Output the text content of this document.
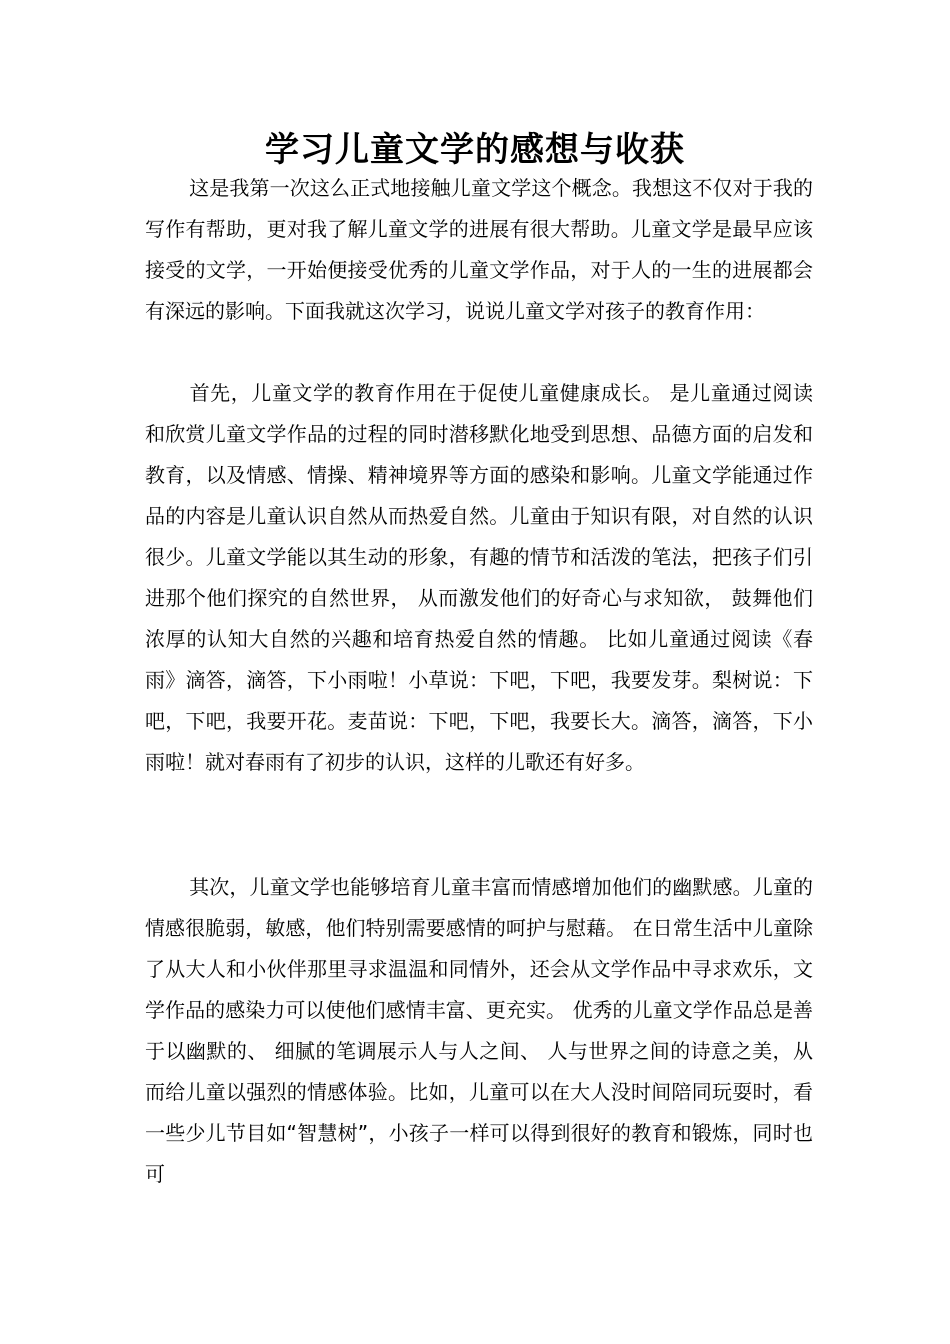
学习儿童文学的感想与收获

这是我第一次这么正式地接触儿童文学这个概念。我想这不仅对于我的写作有帮助，更对我了解儿童文学的进展有很大帮助。儿童文学是最早应该接受的文学，一开始便接受优秀的儿童文学作品，对于人的一生的进展都会有深远的影响。下面我就这次学习，说说儿童文学对孩子的教育作用：

首先，儿童文学的教育作用在于促使儿童健康成长。 是儿童通过阅读和欣赏儿童文学作品的过程的同时潜移默化地受到思想、品德方面的启发和教育，以及情感、情操、精神境界等方面的感染和影响。儿童文学能通过作品的内容是儿童认识自然从而热爱自然。儿童由于知识有限，对自然的认识很少。儿童文学能以其生动的形象，有趣的情节和活泼的笔法，把孩子们引进那个他们探究的自然世界， 从而激发他们的好奇心与求知欲， 鼓舞他们浓厚的认知大自然的兴趣和培育热爱自然的情趣。 比如儿童通过阅读《春雨》滴答，滴答，下小雨啦！小草说：下吧，下吧，我要发芽。梨树说：下吧，下吧，我要开花。麦苗说：下吧，下吧，我要长大。滴答，滴答，下小雨啦！就对春雨有了初步的认识，这样的儿歌还有好多。

其次，儿童文学也能够培育儿童丰富而情感增加他们的幽默感。儿童的情感很脆弱，敏感，他们特别需要感情的呵护与慰藉。 在日常生活中儿童除了从大人和小伙伴那里寻求温温和同情外，还会从文学作品中寻求欢乐，文学作品的感染力可以使他们感情丰富、更充实。 优秀的儿童文学作品总是善于以幽默的、 细腻的笔调展示人与人之间、 人与世界之间的诗意之美，从而给儿童以强烈的情感体验。比如，儿童可以在大人没时间陪同玩耍时，看一些少儿节目如“智慧树”，小孩子一样可以得到很好的教育和锻炼，同时也可
